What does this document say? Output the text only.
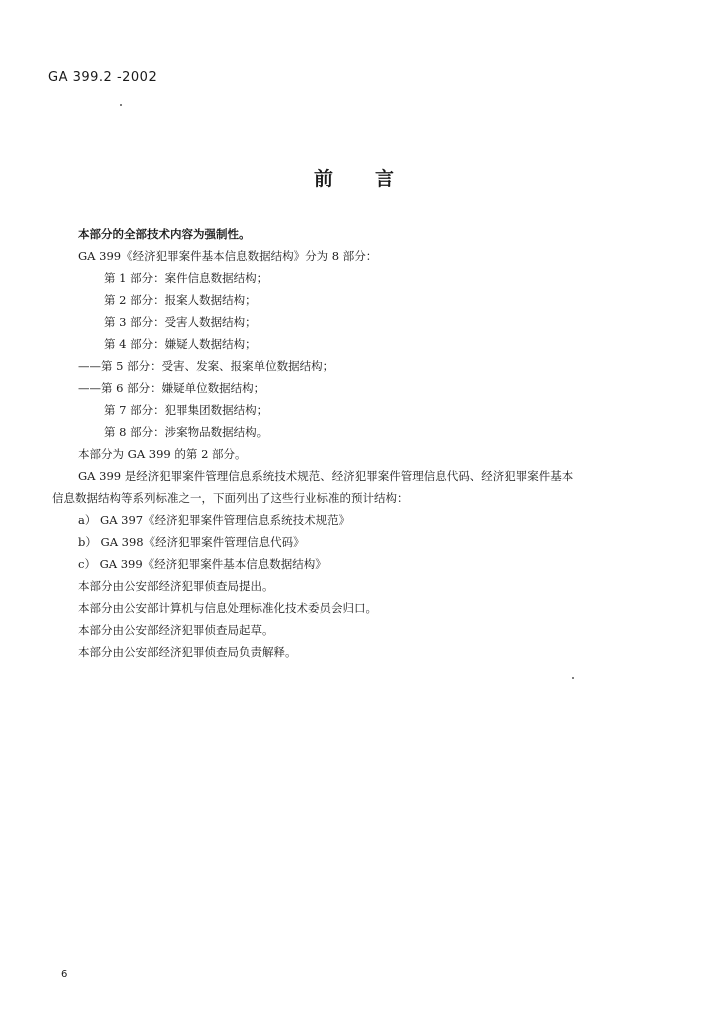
GA 399.2 -2002
前 言
本部分的全部技术内容为强制性。
GA 399《经济犯罪案件基本信息数据结构》分为 8 部分：
第 1 部分：案件信息数据结构；
第 2 部分：报案人数据结构；
第 3 部分：受害人数据结构；
第 4 部分：嫌疑人数据结构；
——第 5 部分：受害、发案、报案单位数据结构；
——第 6 部分：嫌疑单位数据结构；
第 7 部分：犯罪集团数据结构；
第 8 部分：涉案物品数据结构。
本部分为 GA 399 的第 2 部分。
GA 399 是经济犯罪案件管理信息系统技术规范、经济犯罪案件管理信息代码、经济犯罪案件基本
信息数据结构等系列标准之一，下面列出了这些行业标准的预计结构：
a） GA 397《经济犯罪案件管理信息系统技术规范》
b） GA 398《经济犯罪案件管理信息代码》
c） GA 399《经济犯罪案件基本信息数据结构》
本部分由公安部经济犯罪侦查局提出。
本部分由公安部计算机与信息处理标准化技术委员会归口。
本部分由公安部经济犯罪侦查局起草。
本部分由公安部经济犯罪侦查局负责解释。
6
